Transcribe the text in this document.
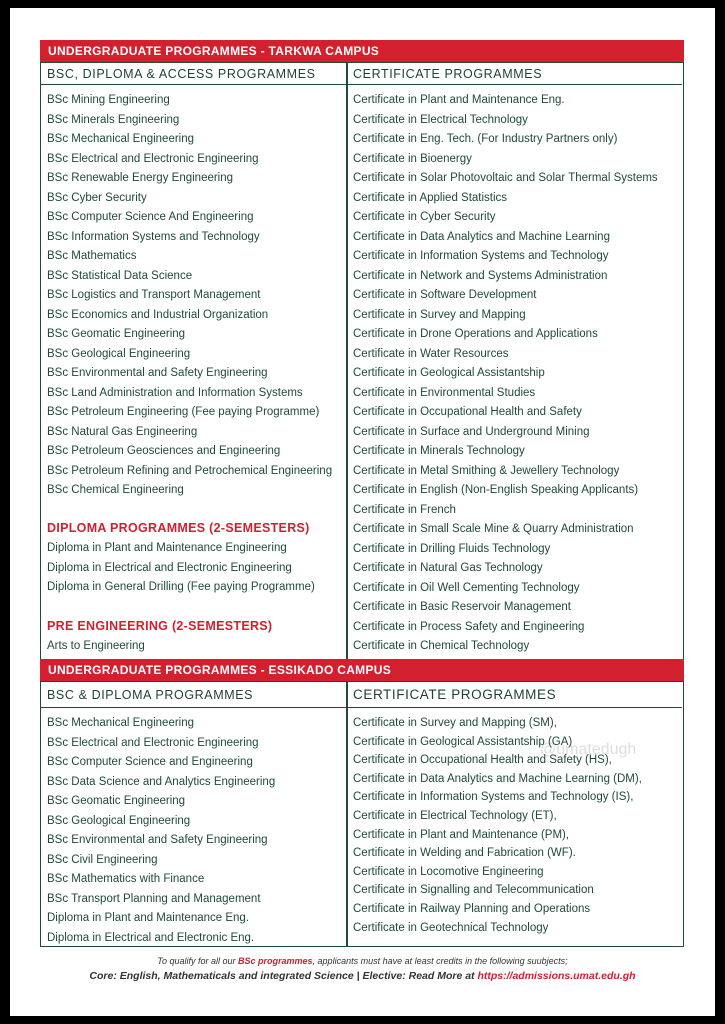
UNDERGRADUATE PROGRAMMES - TARKWA CAMPUS
BSC, DIPLOMA & ACCESS PROGRAMMES	CERTIFICATE PROGRAMMES
BSc Mining Engineering
BSc Minerals Engineering
BSc Mechanical Engineering
BSc Electrical and Electronic Engineering
BSc Renewable Energy Engineering
BSc Cyber Security
BSc Computer Science And Engineering
BSc Information Systems and Technology
BSc Mathematics
BSc Statistical Data Science
BSc Logistics and Transport Management
BSc Economics and Industrial Organization
BSc Geomatic Engineering
BSc Geological Engineering
BSc Environmental and Safety Engineering
BSc Land Administration and Information Systems
BSc Petroleum Engineering (Fee paying Programme)
BSc Natural Gas Engineering
BSc Petroleum Geosciences and Engineering
BSc Petroleum Refining and Petrochemical Engineering
BSc Chemical Engineering
DIPLOMA PROGRAMMES (2-SEMESTERS)
Diploma in Plant and Maintenance Engineering
Diploma in Electrical and Electronic Engineering
Diploma in General Drilling (Fee paying Programme)
PRE ENGINEERING (2-SEMESTERS)
Arts to Engineering
Certificate in Plant and Maintenance Eng.
Certificate in Electrical Technology
Certificate in Eng. Tech. (For Industry Partners only)
Certificate in Bioenergy
Certificate in Solar Photovoltaic and Solar Thermal Systems
Certificate in Applied Statistics
Certificate in Cyber Security
Certificate in Data Analytics and Machine Learning
Certificate in Information Systems and Technology
Certificate in Network and Systems Administration
Certificate in Software Development
Certificate in Survey and Mapping
Certificate in Drone Operations and Applications
Certificate in Water Resources
Certificate in Geological Assistantship
Certificate in Environmental Studies
Certificate in Occupational Health and Safety
Certificate in Surface and Underground Mining
Certificate in Minerals Technology
Certificate in Metal Smithing & Jewellery Technology
Certificate in English (Non-English Speaking Applicants)
Certificate in French
Certificate in Small Scale Mine & Quarry Administration
Certificate in Drilling Fluids Technology
Certificate in Natural Gas Technology
Certificate in Oil Well Cementing Technology
Certificate in Basic Reservoir Management
Certificate in Process Safety and Engineering
Certificate in Chemical Technology
UNDERGRADUATE PROGRAMMES - ESSIKADO CAMPUS
BSC & DIPLOMA PROGRAMMES	CERTIFICATE PROGRAMMES
BSc Mechanical Engineering
BSc Electrical and Electronic Engineering
BSc Computer Science and Engineering
BSc Data Science and Analytics Engineering
BSc Geomatic Engineering
BSc Geological Engineering
BSc Environmental and Safety Engineering
BSc Civil Engineering
BSc Mathematics with Finance
BSc Transport Planning and Management
Diploma in Plant and Maintenance Eng.
Diploma in Electrical and Electronic Eng.
Certificate in Survey and Mapping (SM),
Certificate in Geological Assistantship (GA)
Certificate in Occupational Health and Safety (HS),
Certificate in Data Analytics and Machine Learning (DM),
Certificate in Information Systems and Technology (IS),
Certificate in Electrical Technology (ET),
Certificate in Plant and Maintenance (PM),
Certificate in Welding and Fabrication (WF).
Certificate in Locomotive Engineering
Certificate in Signalling and Telecommunication
Certificate in Railway Planning and Operations
Certificate in Geotechnical Technology
@umatedugh
To qualify for all our BSc programmes, applicants must have at least credits in the following suubjects;
Core: English, Mathematicals and integrated Science | Elective: Read More at https://admissions.umat.edu.gh
